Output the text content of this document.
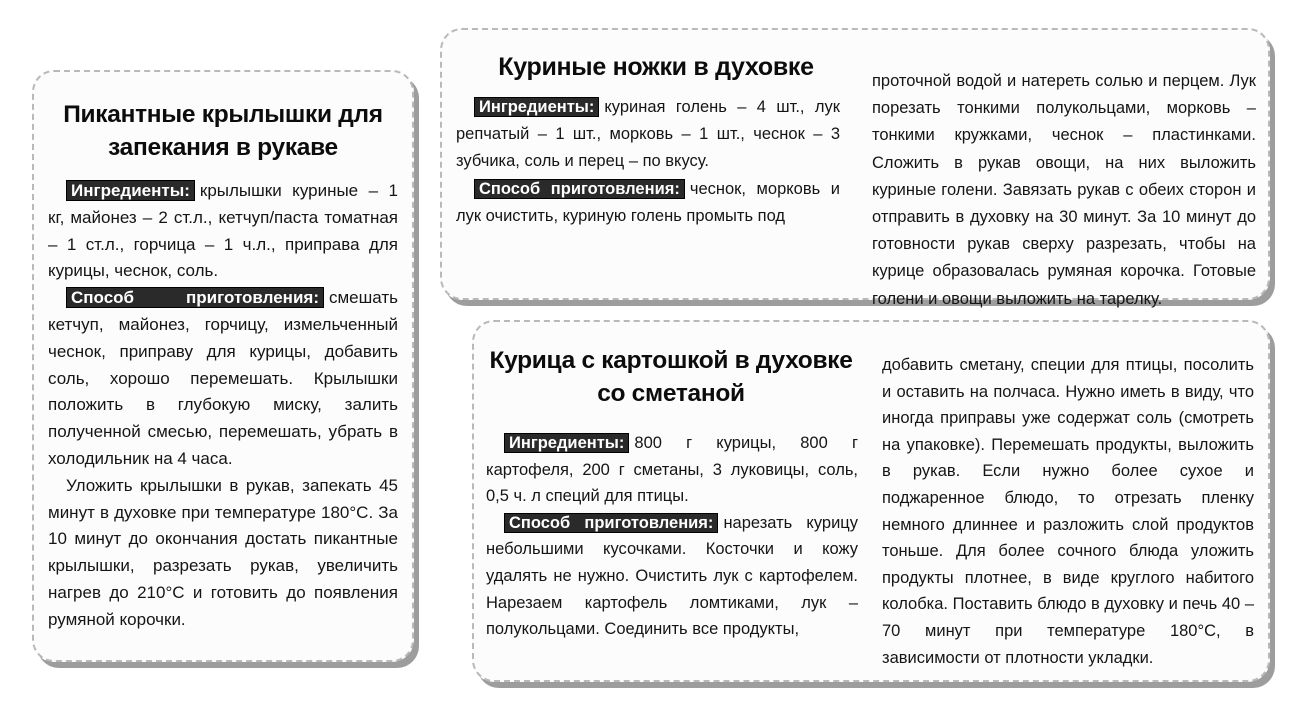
Пикантные крылышки для запекания в рукаве

Ингредиенты: крылышки куриные – 1 кг, майонез – 2 ст.л., кетчуп/паста томатная – 1 ст.л., горчица – 1 ч.л., приправа для курицы, чеснок, соль.

Способ приготовления: смешать кетчуп, майонез, горчицу, измельченный чеснок, приправу для курицы, добавить соль, хорошо перемешать. Крылышки положить в глубокую миску, залить полученной смесью, перемешать, убрать в холодильник на 4 часа.

Уложить крылышки в рукав, запекать 45 минут в духовке при температуре 180°С. За 10 минут до окончания достать пикантные крылышки, разрезать рукав, увеличить нагрев до 210°С и готовить до появления румяной корочки.

Куриные ножки в духовке

Ингредиенты: куриная голень – 4 шт., лук репчатый – 1 шт., морковь – 1 шт., чеснок – 3 зубчика, соль и перец – по вкусу.

Способ приготовления: чеснок, морковь и лук очистить, куриную голень промыть под

проточной водой и натереть солью и перцем. Лук порезать тонкими полукольцами, морковь – тонкими кружками, чеснок – пластинками. Сложить в рукав овощи, на них выложить куриные голени. Завязать рукав с обеих сторон и отправить в духовку на 30 минут. За 10 минут до готовности рукав сверху разрезать, чтобы на курице образовалась румяная корочка. Готовые голени и овощи выложить на тарелку.

Курица с картошкой в духовке со сметаной

Ингредиенты: 800 г курицы, 800 г картофеля, 200 г сметаны, 3 луковицы, соль, 0,5 ч. л специй для птицы.

Способ приготовления: нарезать курицу небольшими кусочками. Косточки и кожу удалять не нужно. Очистить лук с картофелем. Нарезаем картофель ломтиками, лук – полукольцами. Соединить все продукты,

добавить сметану, специи для птицы, посолить и оставить на полчаса. Нужно иметь в виду, что иногда приправы уже содержат соль (смотреть на упаковке). Перемешать продукты, выложить в рукав. Если нужно более сухое и поджаренное блюдо, то отрезать пленку немного длиннее и разложить слой продуктов тоньше. Для более сочного блюда уложить продукты плотнее, в виде круглого набитого колобка. Поставить блюдо в духовку и печь 40 – 70 минут при температуре 180°С, в зависимости от плотности укладки.
